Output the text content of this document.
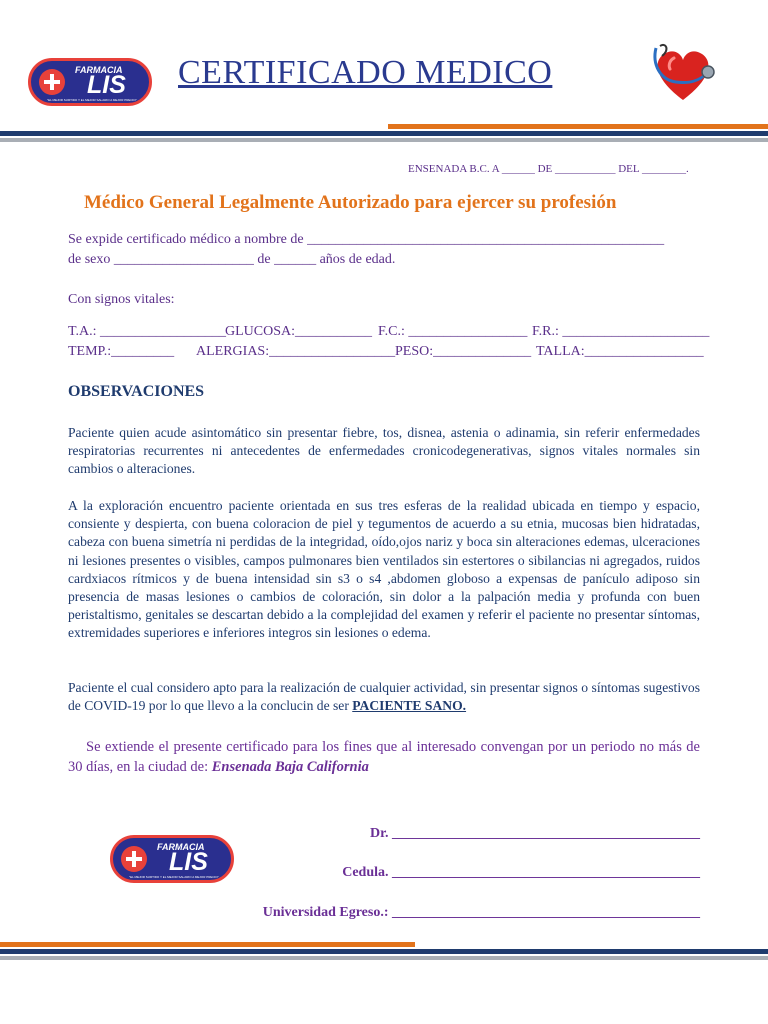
FARMACIA
LIS
"EL MEJOR SURTIDO Y EL MEJOR SALARIO A MEJOR PRECIO"
CERTIFICADO MEDICO
ENSENADA B.C. A ______ DE ___________ DEL ________.
Médico General Legalmente Autorizado para ejercer su profesión
Se expide certificado médico a nombre de ___________________________________________________
de sexo ____________________ de ______ años de edad.
Con signos vitales:
T.A.: __________________
GLUCOSA:___________ F.C.: _________________ F.R.: _____________________
TEMP.:_________ ALERGIAS:__________________ PESO:______________ TALLA:_________________
OBSERVACIONES
Paciente quien acude asintomático sin presentar fiebre, tos, disnea, astenia o adinamia, sin referir enfermedades respiratorias recurrentes ni antecedentes de enfermedades cronicodegenerativas, signos vitales normales sin cambios o alteraciones.
A la exploración encuentro paciente orientada en sus tres esferas de la realidad ubicada en tiempo y espacio, consiente y despierta, con buena coloracion de piel y tegumentos de acuerdo a su etnia, mucosas bien hidratadas, cabeza con buena simetría ni perdidas de la integridad, oído,ojos nariz y boca sin alteraciones edemas, ulceraciones ni lesiones presentes o visibles, campos pulmonares bien ventilados sin estertores o sibilancias ni agregados, ruidos cardxiacos rítmicos y de buena intensidad sin s3 o s4 ,abdomen globoso a expensas de panículo adiposo sin presencia de masas lesiones o cambios de coloración, sin dolor a la palpación media y profunda con buen peristaltismo, genitales se descartan debido a la complejidad del examen y referir el paciente no presentar síntomas, extremidades superiores e inferiores integros sin lesiones o edema.
Paciente el cual considero apto para la realización de cualquier actividad, sin presentar signos o síntomas sugestivos de COVID-19 por lo que llevo a la conclucin de ser PACIENTE SANO.
Se extiende el presente certificado para los fines que al interesado convengan por un periodo no más de 30 días, en la ciudad de: Ensenada Baja California
FARMACIA
LIS
"EL MEJOR SURTIDO Y EL MEJOR SALARIO A MEJOR PRECIO"
Dr. ____________________________________________
Cedula. ____________________________________________
Universidad Egreso.: ____________________________________________
